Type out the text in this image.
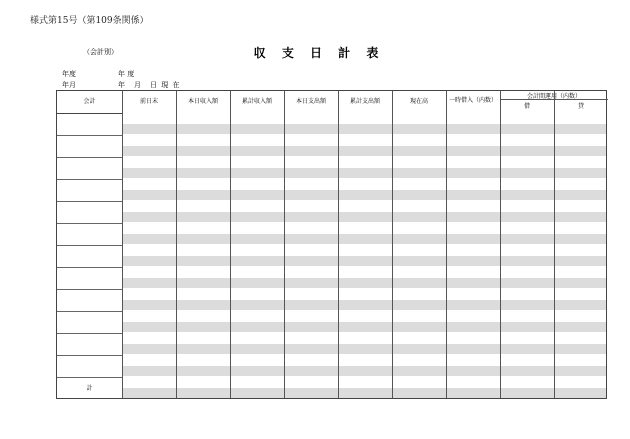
様式第15号（第109条関係）
（会計別）	収 支 日 計 表
年度	年 度
年月	年　月　日 現 在
会計	前日末	本日収入額	累計収入額	本日支出額	累計支出額	現在高	一時借入（内数）
会計間運用（内数）
借	貸
計
